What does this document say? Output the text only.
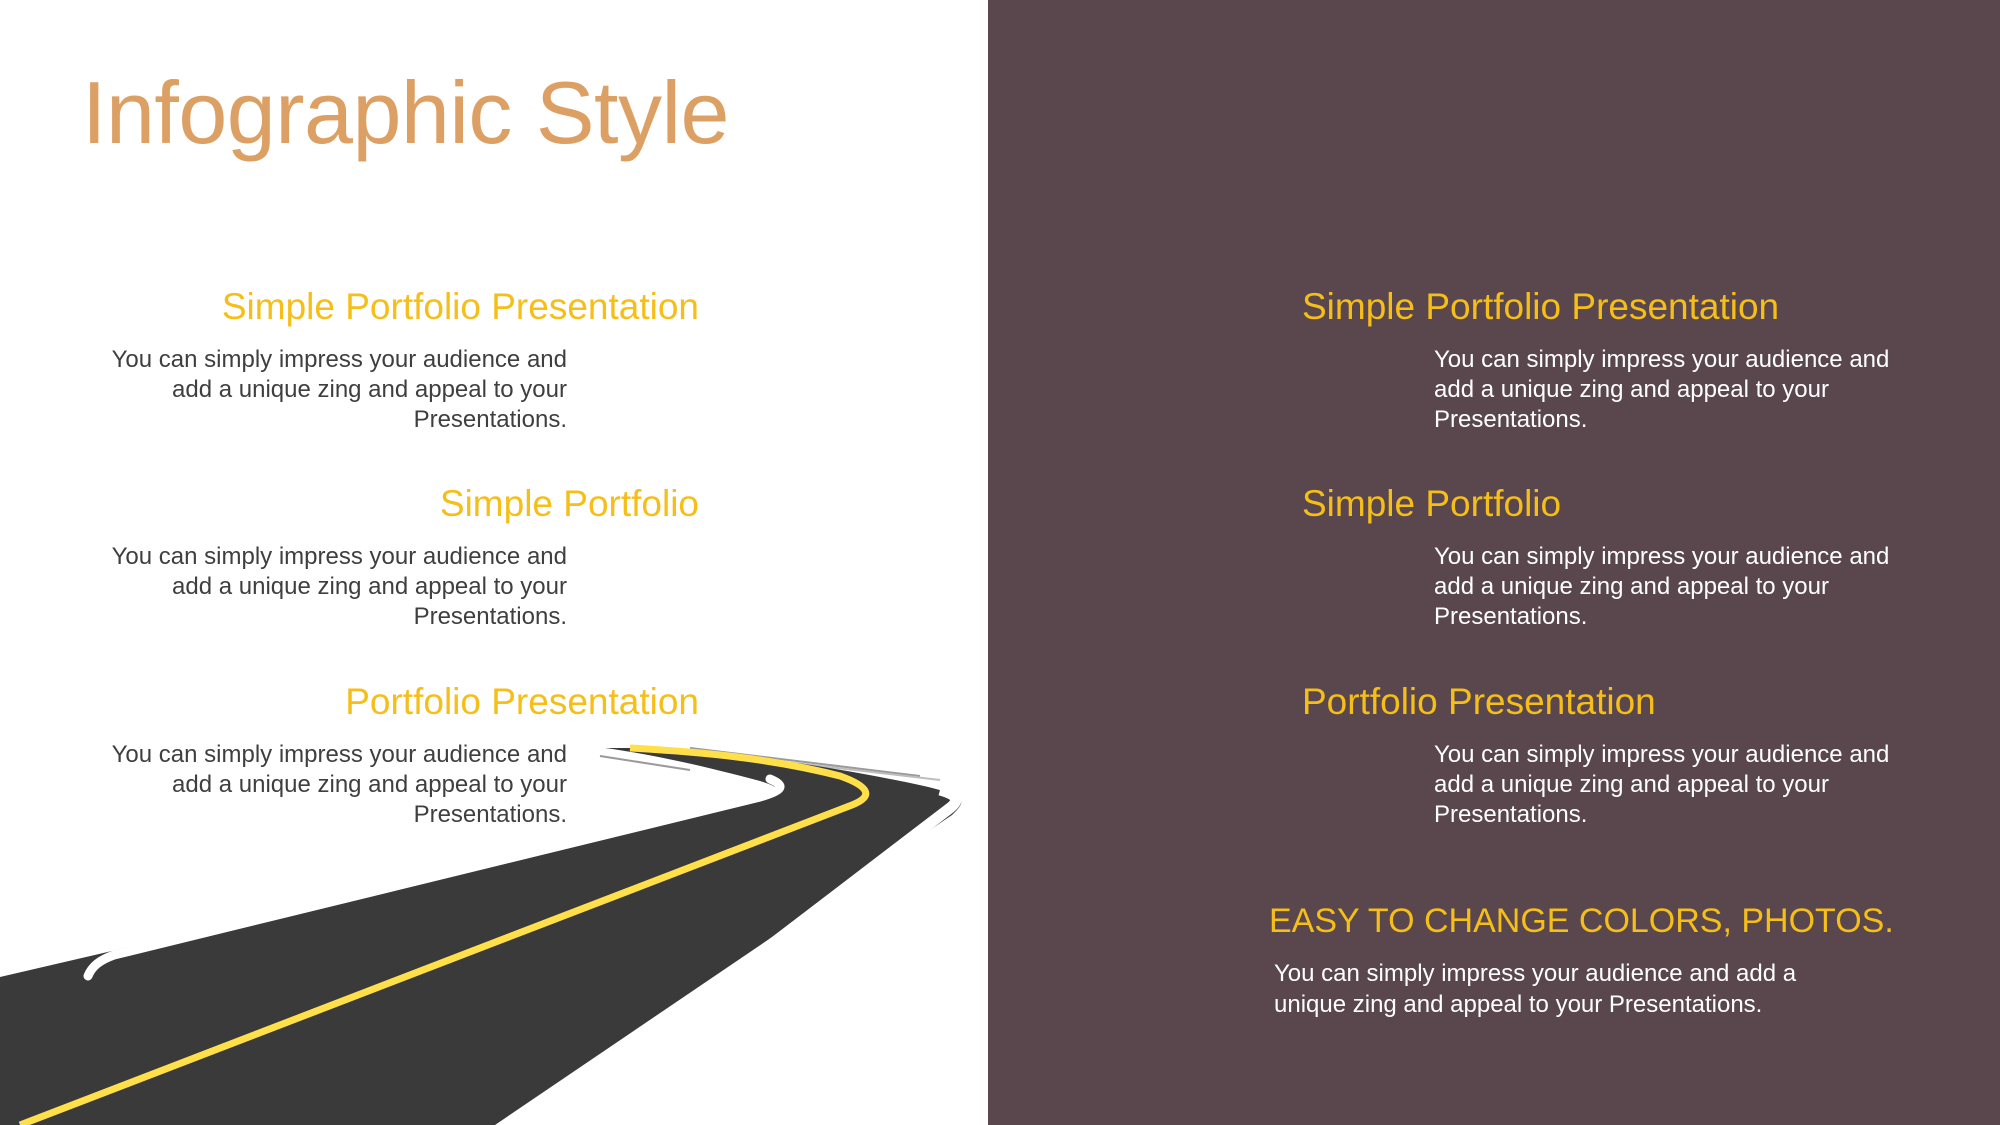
Infographic Style
Simple Portfolio Presentation
You can simply impress your audience and add a unique zing and appeal to your Presentations.
Simple Portfolio
You can simply impress your audience and add a unique zing and appeal to your Presentations.
Portfolio Presentation
You can simply impress your audience and add a unique zing and appeal to your Presentations.
Simple Portfolio Presentation
You can simply impress your audience and add a unique zing and appeal to your Presentations.
Simple Portfolio
You can simply impress your audience and add a unique zing and appeal to your Presentations.
Portfolio Presentation
You can simply impress your audience and add a unique zing and appeal to your Presentations.
EASY TO CHANGE COLORS, PHOTOS.
You can simply impress your audience and add a unique zing and appeal to your Presentations.
